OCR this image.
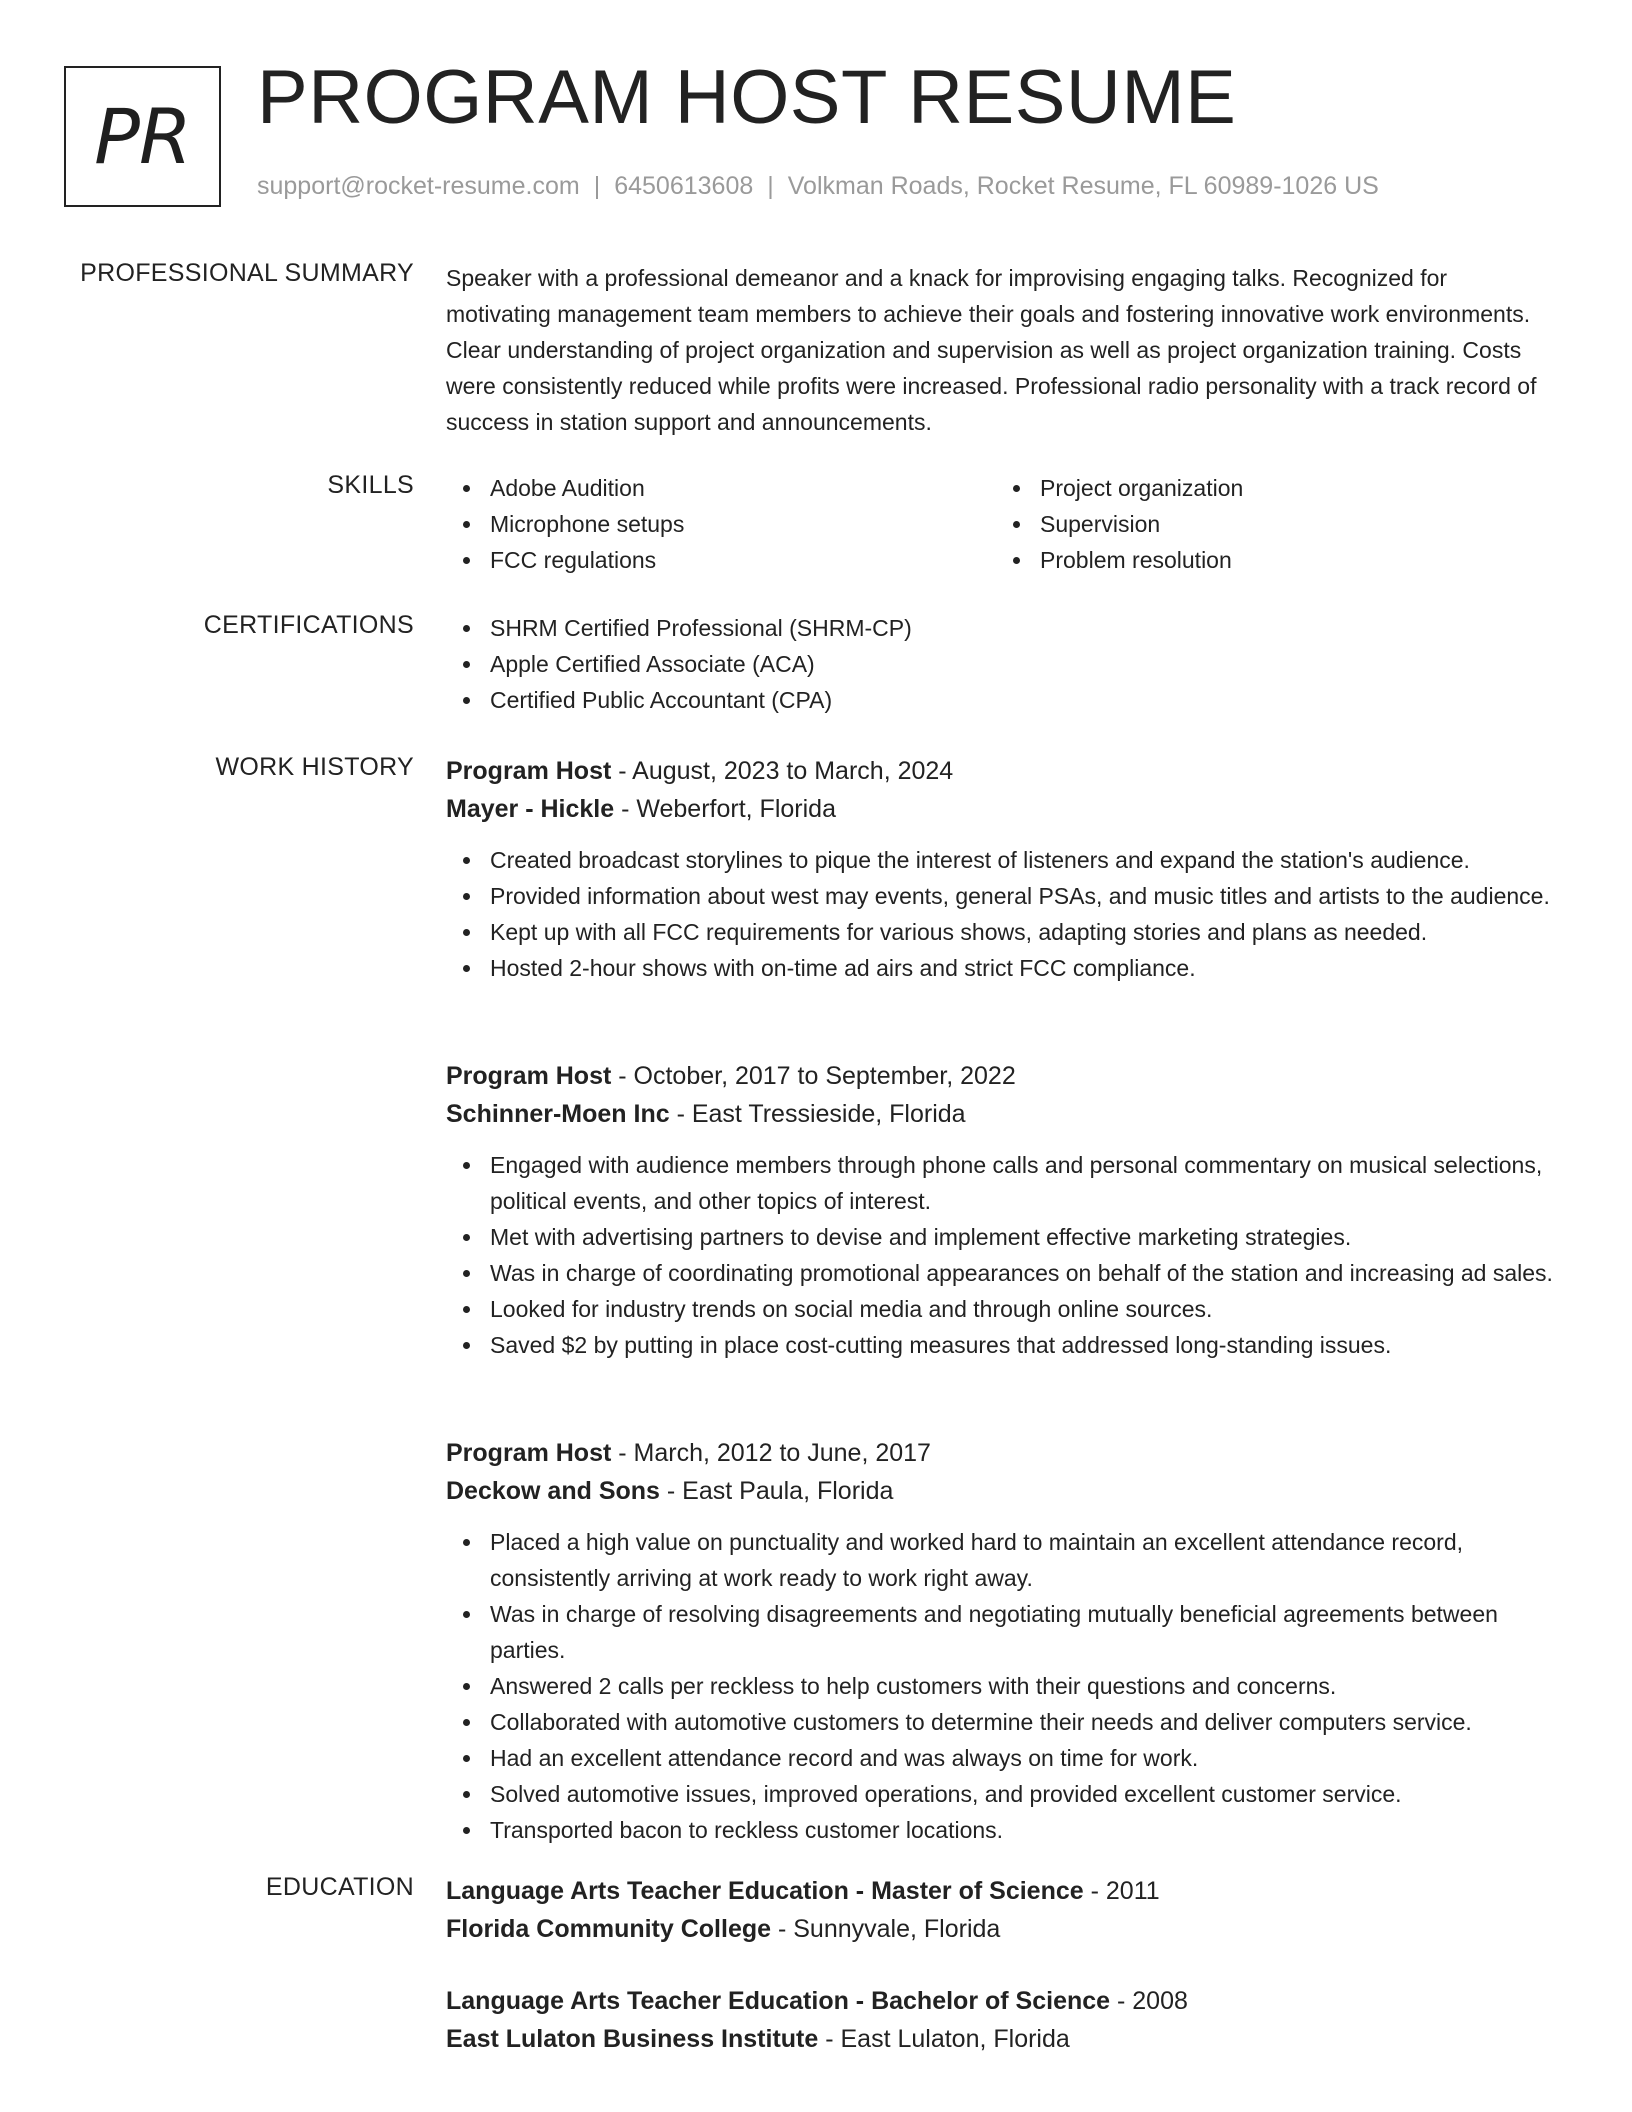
PR PROGRAM HOST RESUME
support@rocket-resume.com | 6450613608 | Volkman Roads, Rocket Resume, FL 60989-1026 US
PROFESSIONAL SUMMARY Speaker with a professional demeanor and a knack for improvising engaging talks. Recognized for motivating management team members to achieve their goals and fostering innovative work environments. Clear understanding of project organization and supervision as well as project organization training. Costs were consistently reduced while profits were increased. Professional radio personality with a track record of success in station support and announcements.

SKILLS	Adobe Audition
Microphone setups
FCC regulations
Project organization
Supervision
Problem resolution
CERTIFICATIONS	SHRM Certified Professional (SHRM-CP)
Apple Certified Associate (ACA)
Certified Public Accountant (CPA)
WORK HISTORY Program Host - August, 2023 to March, 2024
Mayer - Hickle - Weberfort, Florida
Created broadcast storylines to pique the interest of listeners and expand the station's audience.
Provided information about west may events, general PSAs, and music titles and artists to the audience.
Kept up with all FCC requirements for various shows, adapting stories and plans as needed.
Hosted 2-hour shows with on-time ad airs and strict FCC compliance.
Program Host - October, 2017 to September, 2022
Schinner-Moen Inc - East Tressieside, Florida
Engaged with audience members through phone calls and personal commentary on musical selections, political events, and other topics of interest.
Met with advertising partners to devise and implement effective marketing strategies.
Was in charge of coordinating promotional appearances on behalf of the station and increasing ad sales.
Looked for industry trends on social media and through online sources.
Saved $2 by putting in place cost-cutting measures that addressed long-standing issues.
Program Host - March, 2012 to June, 2017
Deckow and Sons - East Paula, Florida
Placed a high value on punctuality and worked hard to maintain an excellent attendance record, consistently arriving at work ready to work right away.
Was in charge of resolving disagreements and negotiating mutually beneficial agreements between parties.
Answered 2 calls per reckless to help customers with their questions and concerns.
Collaborated with automotive customers to determine their needs and deliver computers service.
Had an excellent attendance record and was always on time for work.
Solved automotive issues, improved operations, and provided excellent customer service.
Transported bacon to reckless customer locations.
EDUCATION Language Arts Teacher Education - Master of Science - 2011
Florida Community College - Sunnyvale, Florida
Language Arts Teacher Education - Bachelor of Science - 2008
East Lulaton Business Institute - East Lulaton, Florida
